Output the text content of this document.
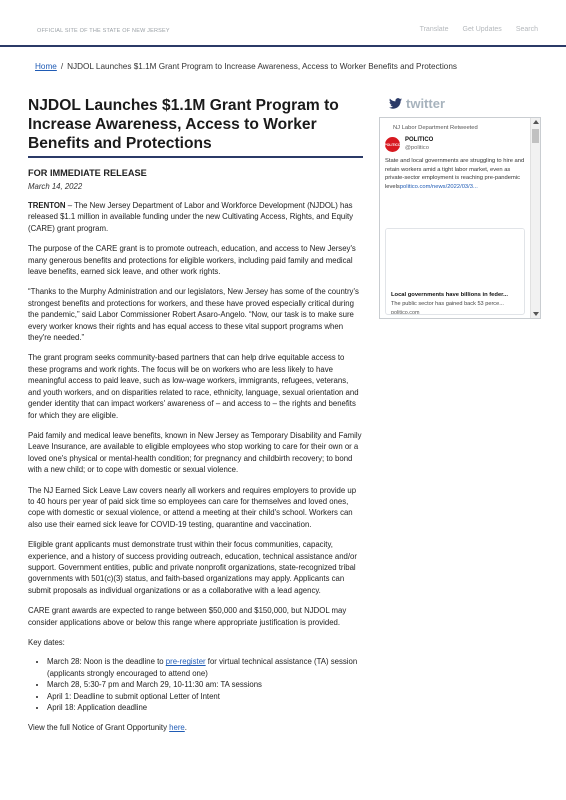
OFFICIAL SITE OF THE STATE OF NEW JERSEY	Translate Get Updates Search
Home / NJDOL Launches $1.1M Grant Program to Increase Awareness, Access to Worker Benefits and Protections
NJDOL Launches $1.1M Grant Program to Increase Awareness, Access to Worker Benefits and Protections
FOR IMMEDIATE RELEASE
March 14, 2022

TRENTON – The New Jersey Department of Labor and Workforce Development (NJDOL) has released $1.1 million in available funding under the new Cultivating Access, Rights, and Equity (CARE) grant program.

The purpose of the CARE grant is to promote outreach, education, and access to New Jersey's many generous benefits and protections for eligible workers, including paid family and medical leave benefits, earned sick leave, and other work rights.

“Thanks to the Murphy Administration and our legislators, New Jersey has some of the country's strongest benefits and protections for workers, and these have proved especially critical during the pandemic,” said Labor Commissioner Robert Asaro-Angelo. “Now, our task is to make sure every worker knows their rights and has equal access to these vital support programs when they're needed.”

The grant program seeks community-based partners that can help drive equitable access to these programs and work rights. The focus will be on workers who are less likely to have meaningful access to paid leave, such as low-wage workers, immigrants, refugees, veterans, and youth workers, and on disparities related to race, ethnicity, language, sexual orientation and gender identity that can impact workers' awareness of – and access to – the rights and benefits for which they are eligible.

Paid family and medical leave benefits, known in New Jersey as Temporary Disability and Family Leave Insurance, are available to eligible employees who stop working to care for their own or a loved one's physical or mental-health condition; for pregnancy and childbirth recovery; to bond with a new child; or to cope with domestic or sexual violence.

The NJ Earned Sick Leave Law covers nearly all workers and requires employers to provide up to 40 hours per year of paid sick time so employees can care for themselves and loved ones, cope with domestic or sexual violence, or attend a meeting at their child's school. Workers can also use their earned sick leave for COVID-19 testing, quarantine and vaccination.

Eligible grant applicants must demonstrate trust within their focus communities, capacity, experience, and a history of success providing outreach, education, technical assistance and/or support. Government entities, public and private nonprofit organizations, state-recognized tribal governments with 501(c)(3) status, and faith-based organizations may apply. Applicants can submit proposals as individual organizations or as a collaborative with a lead agency.

CARE grant awards are expected to range between $50,000 and $150,000, but NJDOL may consider applications above or below this range where appropriate justification is provided.

Key dates:

• March 28: Noon is the deadline to pre-register for virtual technical assistance (TA) session (applicants strongly encouraged to attend one)
• March 28, 5:30-7 pm and March 29, 10-11:30 am: TA sessions
• April 1: Deadline to submit optional Letter of Intent
• April 18: Application deadline

View the full Notice of Grant Opportunity here.

twitter
NJ Labor Department Retweeted
POLITICO
POLITICO
@politico
State and local governments are struggling to hire and retain workers amid a tight labor market, even as private-sector employment is reaching pre-pandemic levelspolitico.com/news/2022/03/3...
Local governments have billions in feder...
The public sector has gained back 53 perce...
politico.com
